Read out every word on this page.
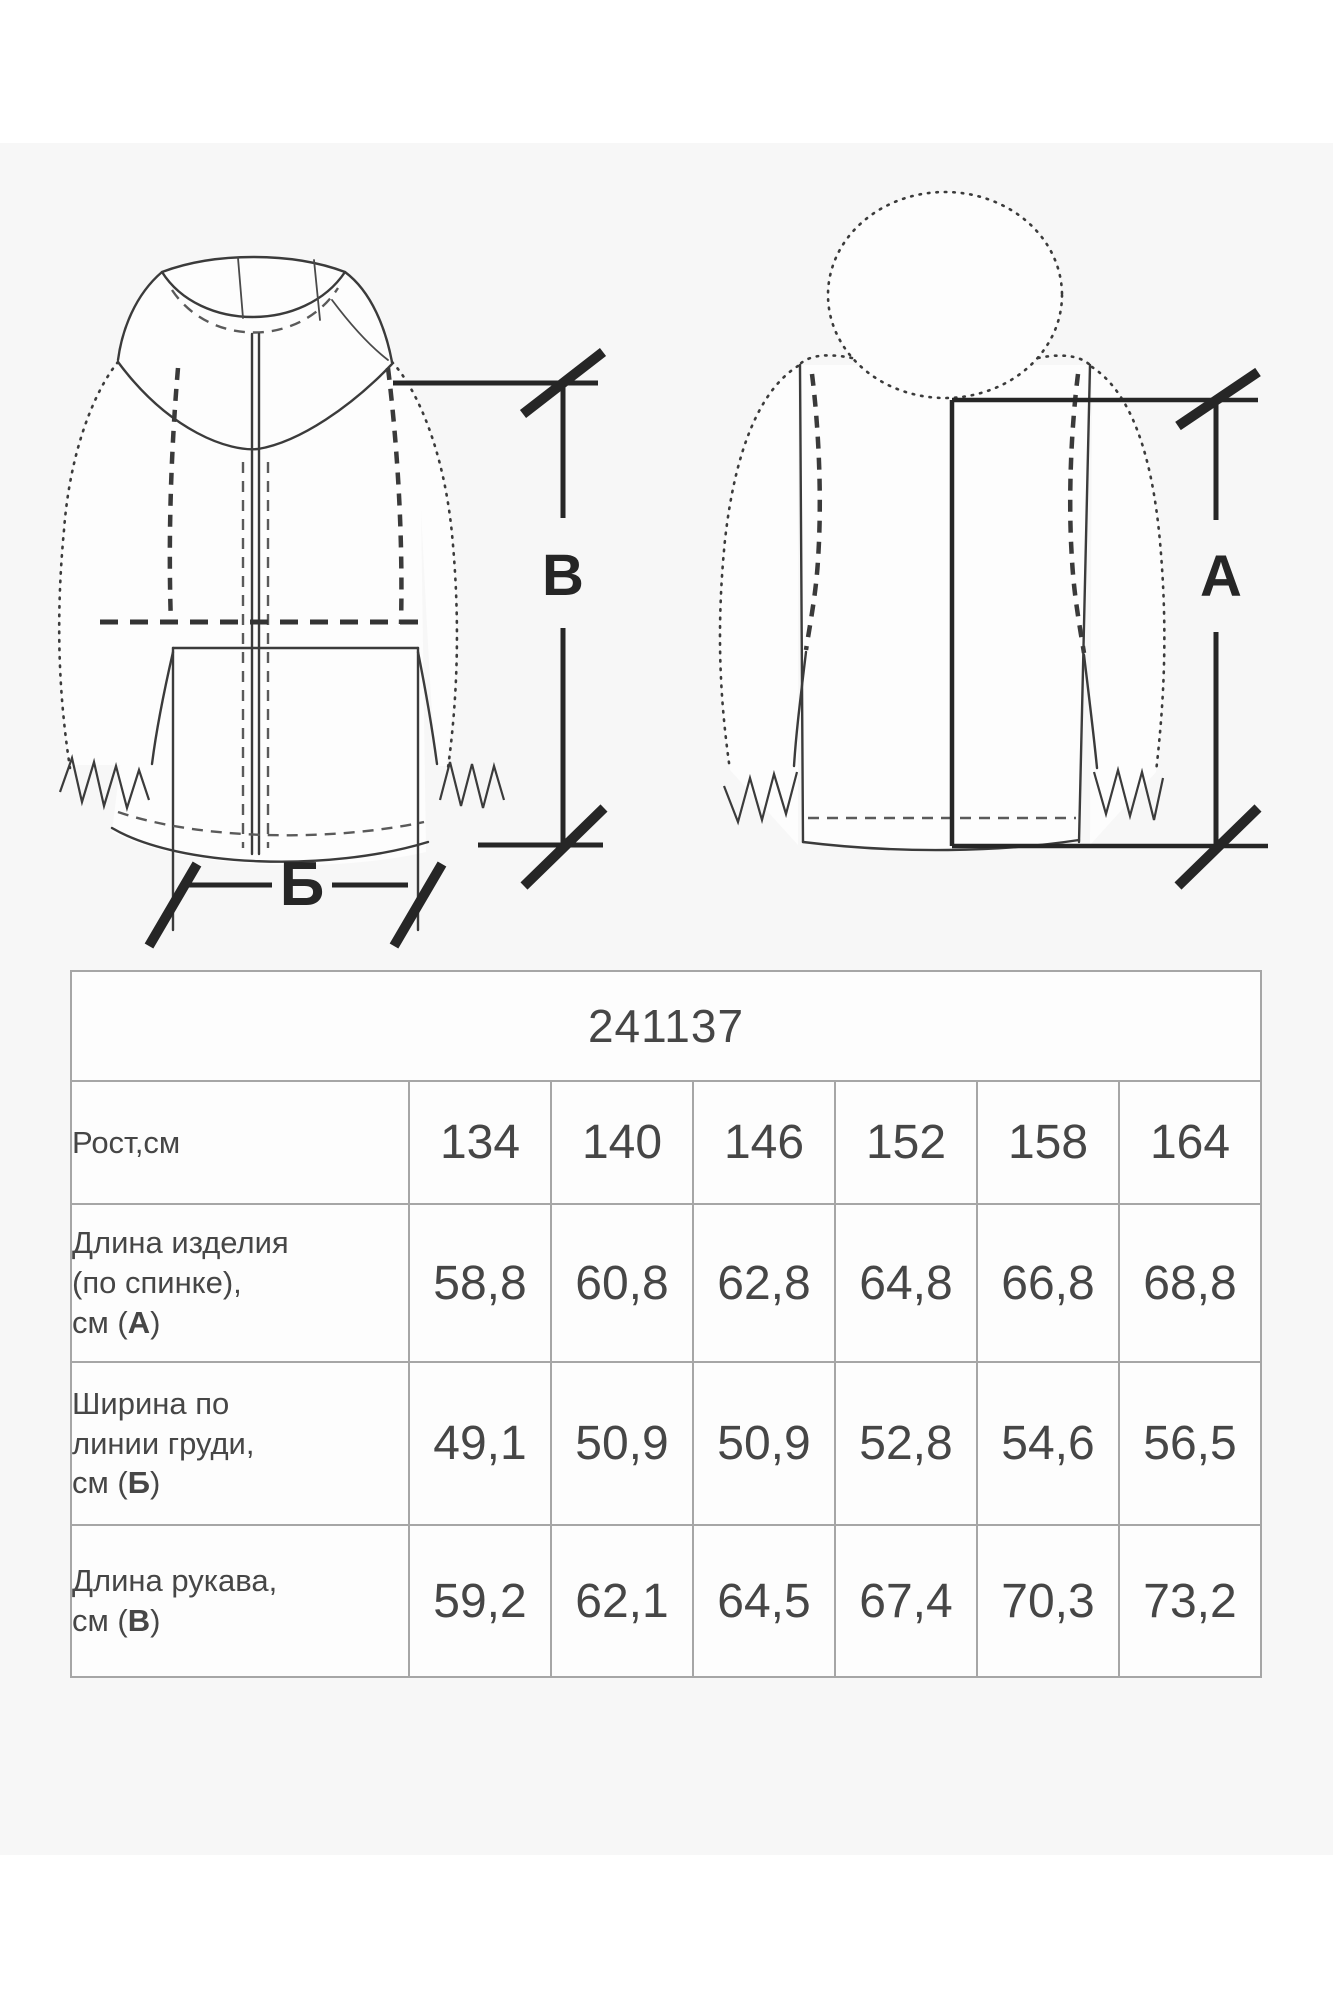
В
Б
А
241137						
Рост,см	134	140	146	152	158	164

Длина изделия
(по спинке),
см (А)	58,8	60,8	62,8	64,8	66,8	68,8

Ширина по
линии груди,
см (Б)	49,1	50,9	50,9	52,8	54,6	56,5

Длина рукава,
см (В)	59,2	62,1	64,5	67,4	70,3	73,2
